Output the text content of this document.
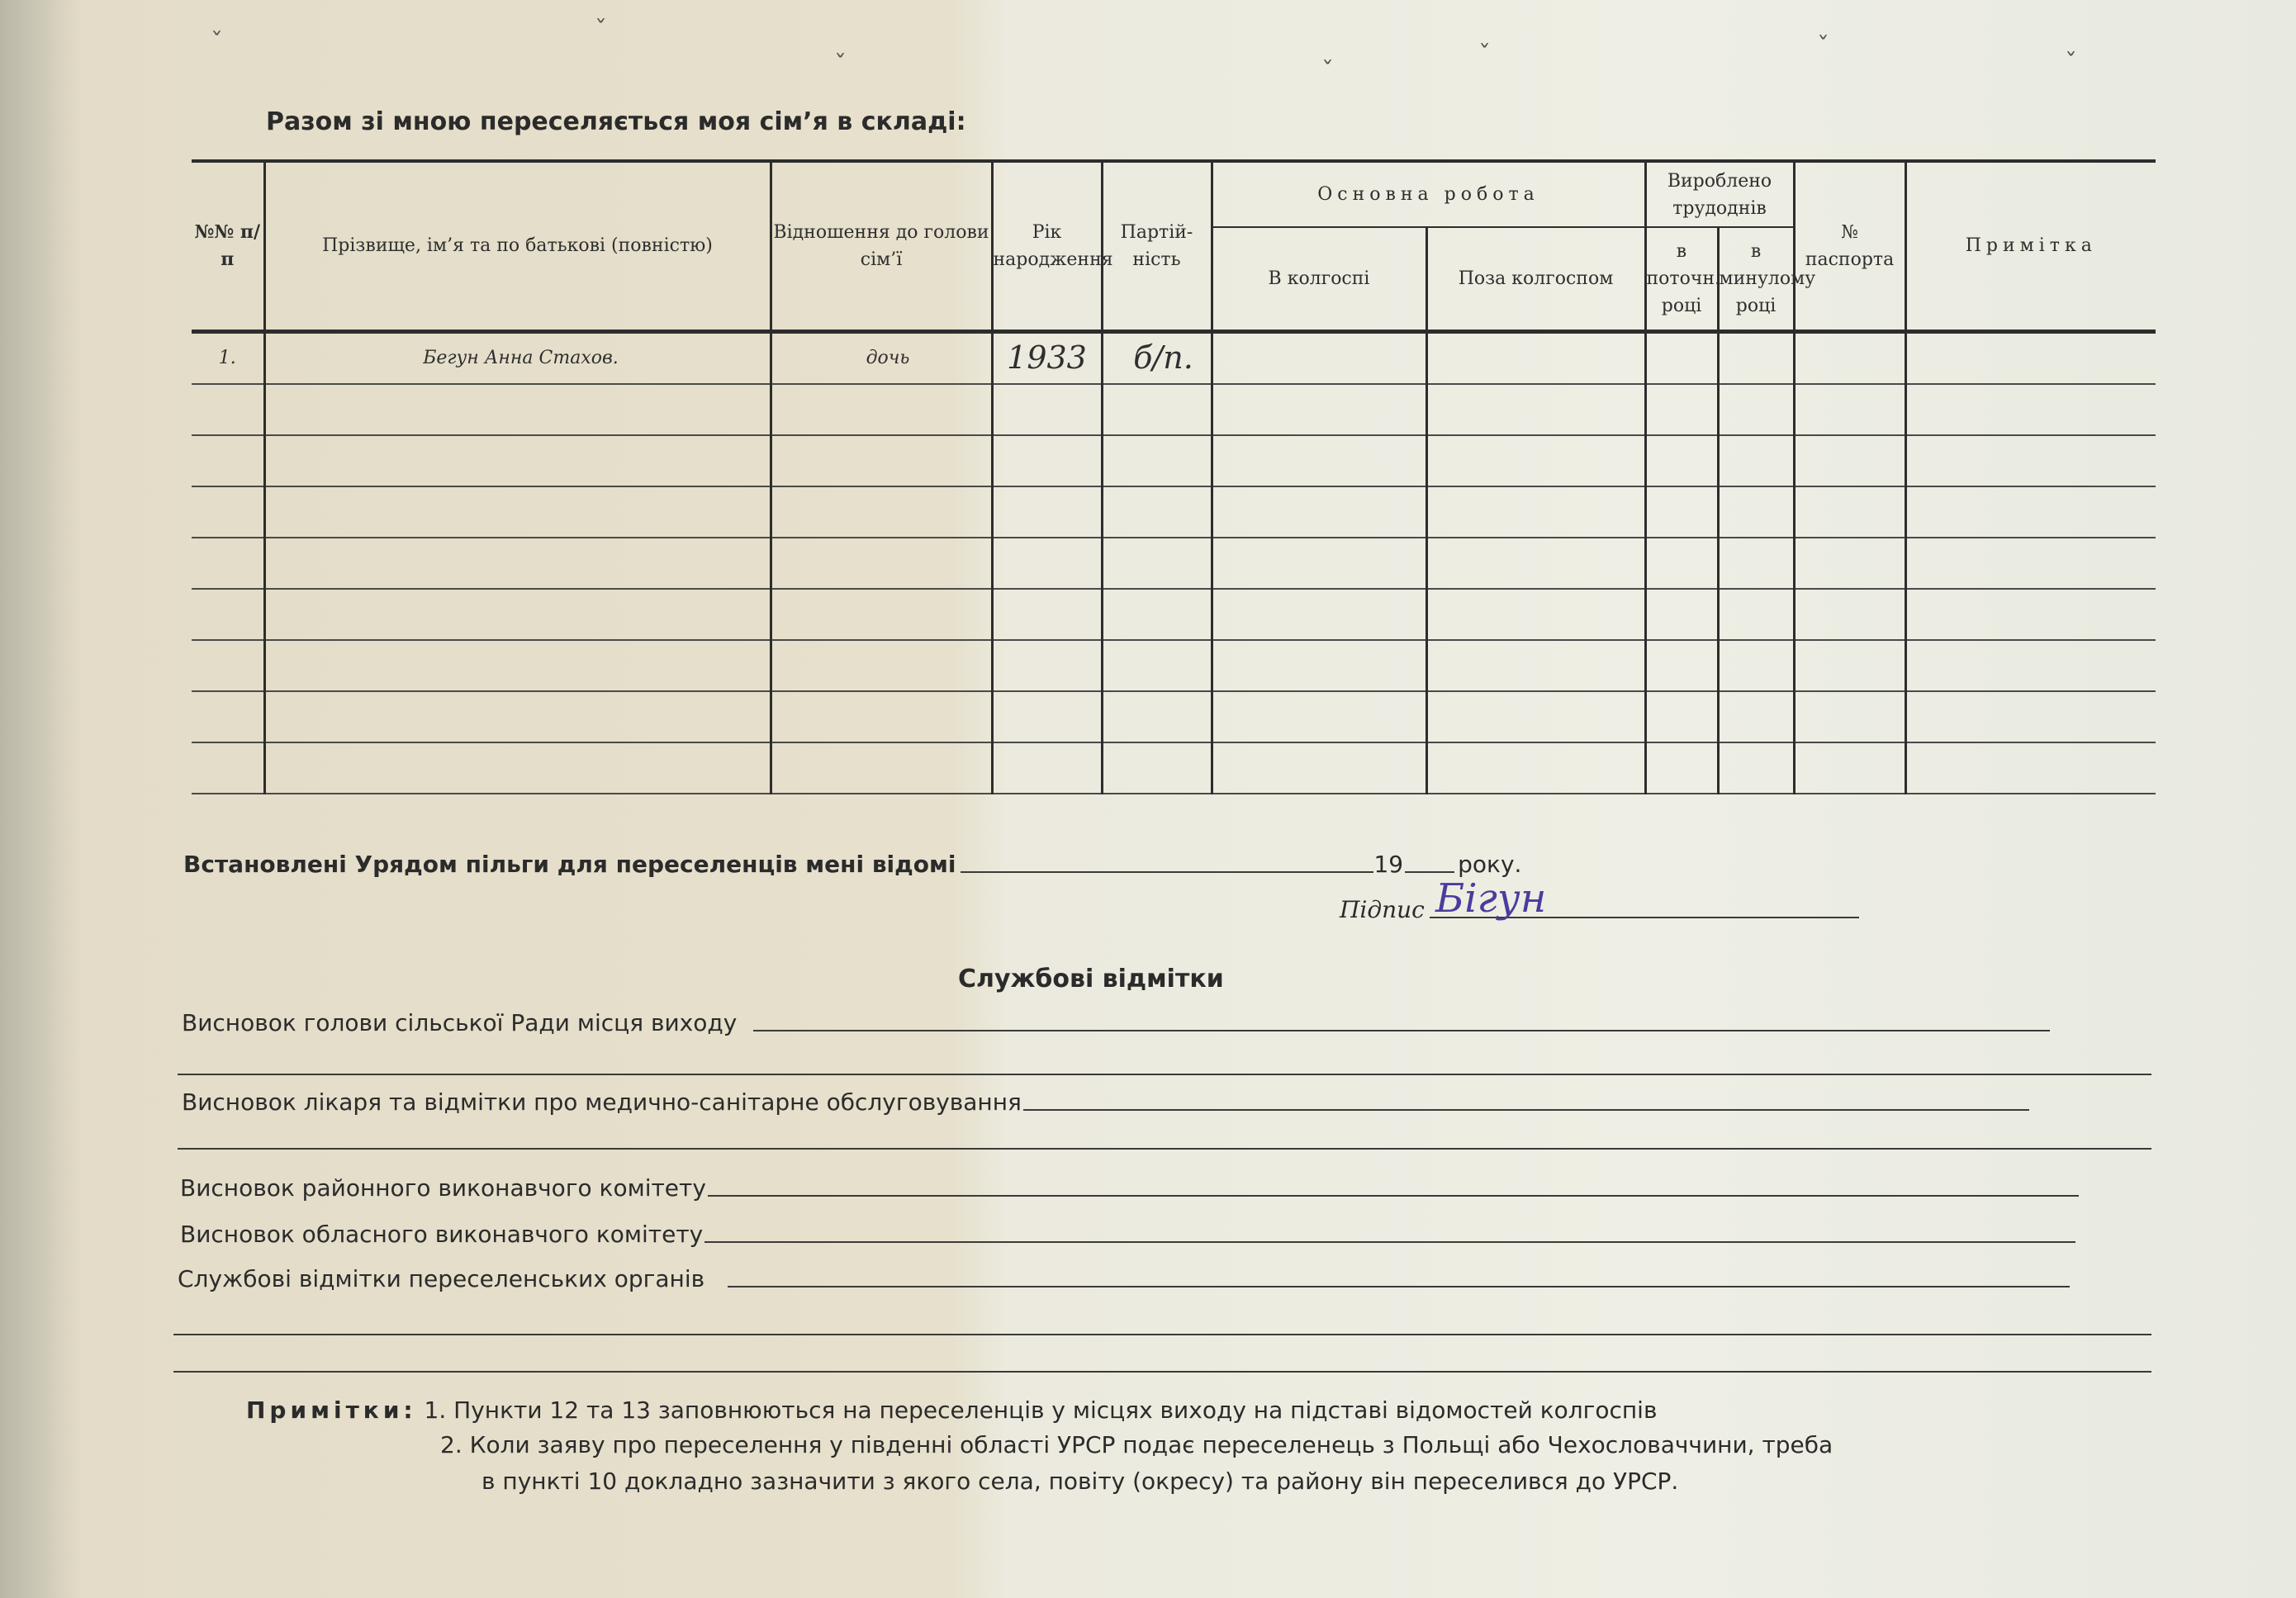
ˇ	ˇ
ˇ	ˇ
ˇ	ˇ
ˇ
Разом зі мною переселяється моя сім’я в складі:
№№ п/п	Прізвище, ім’я та по батькові (повністю)	Відношення до голови сім’ї	Рік народження	Партій- ність	Основна робота		Вироблено трудоднів		№ паспорта	Примітка
					В колгоспі	Поза колгоспом	в поточн. році	в минулому році		
1.	Бегун Анна Стахов.	дочь	1933	б/п.						

Встановлені Урядом пільги для переселенців мені відомі	19 року.
Підпис Бігун
Службові відмітки
Висновок голови сільської Ради місця виходу
Висновок лікаря та відмітки про медично-санітарне обслуговування
Висновок районного виконавчого комітету
Висновок обласного виконавчого комітету
Службові відмітки переселенських органів
Примітки: 1. Пункти 12 та 13 заповнюються на переселенців у місцях виходу на підставі відомостей колгоспів
2. Коли заяву про переселення у південні області УРСР подає переселенець з Польщі або Чехословаччини, треба
в пункті 10 докладно зазначити з якого села, повіту (окресу) та району він переселився до УРСР.
